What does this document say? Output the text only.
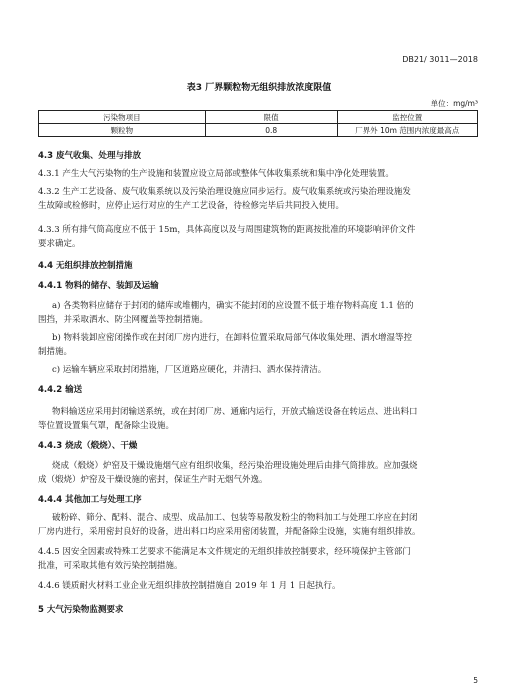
DB21/ 3011—2018
表3 厂界颗粒物无组织排放浓度限值
单位：mg/m³
污染物项目	限值	监控位置
颗粒物	0.8	厂界外 10m 范围内浓度最高点
4.3 废气收集、处理与排放
4.3.1 产生大气污染物的生产设施和装置应设立局部或整体气体收集系统和集中净化处理装置。
4.3.2 生产工艺设备、废气收集系统以及污染治理设施应同步运行。废气收集系统或污染治理设施发
生故障或检修时，应停止运行对应的生产工艺设备，待检修完毕后共同投入使用。
4.3.3 所有排气筒高度应不低于 15m，具体高度以及与周围建筑物的距离按批准的环境影响评价文件
要求确定。
4.4 无组织排放控制措施
4.4.1 物料的储存、装卸及运输
a) 各类物料应储存于封闭的储库或堆棚内，确实不能封闭的应设置不低于堆存物料高度 1.1 倍的
围挡，并采取洒水、防尘网覆盖等控制措施。
b) 物料装卸应密闭操作或在封闭厂房内进行，在卸料位置采取局部气体收集处理、洒水增湿等控
制措施。
c) 运输车辆应采取封闭措施，厂区道路应硬化，并清扫、洒水保持清洁。
4.4.2 输送
物料输送应采用封闭输送系统，或在封闭厂房、通廊内运行，开放式输送设备在转运点、进出料口
等位置设置集气罩，配备除尘设施。
4.4.3 烧成（煅烧）、干燥
烧成（煅烧）炉窑及干燥设施烟气应有组织收集，经污染治理设施处理后由排气筒排放。应加强烧
成（煅烧）炉窑及干燥设施的密封，保证生产时无烟气外逸。
4.4.4 其他加工与处理工序
破粉碎、筛分、配料、混合、成型、成品加工、包装等易散发粉尘的物料加工与处理工序应在封闭
厂房内进行，采用密封良好的设备，进出料口均应采用密闭装置，并配备除尘设施，实施有组织排放。
4.4.5 因安全因素或特殊工艺要求不能满足本文件规定的无组织排放控制要求，经环境保护主管部门
批准，可采取其他有效污染控制措施。
4.4.6 镁质耐火材料工业企业无组织排放控制措施自 2019 年 1 月 1 日起执行。
5 大气污染物监测要求
5
